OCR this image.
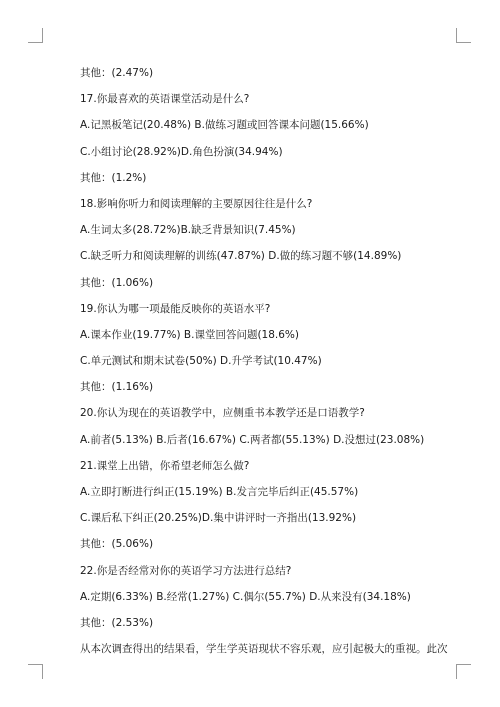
其他：(2.47%)
17.你最喜欢的英语课堂活动是什么?
A.记黑板笔记(20.48%) B.做练习题或回答课本问题(15.66%)
C.小组讨论(28.92%)D.角色扮演(34.94%)
其他：(1.2%)
18.影响你听力和阅读理解的主要原因往往是什么?
A.生词太多(28.72%)B.缺乏背景知识(7.45%)
C.缺乏听力和阅读理解的训练(47.87%) D.做的练习题不够(14.89%)
其他：(1.06%)
19.你认为哪一项最能反映你的英语水平?
A.课本作业(19.77%) B.课堂回答问题(18.6%)
C.单元测试和期末试卷(50%) D.升学考试(10.47%)
其他：(1.16%)
20.你认为现在的英语教学中，应侧重书本教学还是口语教学?
A.前者(5.13%) B.后者(16.67%) C.两者都(55.13%) D.没想过(23.08%)
21.课堂上出错，你希望老师怎么做?
A.立即打断进行纠正(15.19%) B.发言完毕后纠正(45.57%)
C.课后私下纠正(20.25%)D.集中讲评时一齐指出(13.92%)
其他：(5.06%)
22.你是否经常对你的英语学习方法进行总结?
A.定期(6.33%) B.经常(1.27%) C.偶尔(55.7%) D.从来没有(34.18%)
其他：(2.53%)
从本次调查得出的结果看，学生学英语现状不容乐观，应引起极大的重视。此次
